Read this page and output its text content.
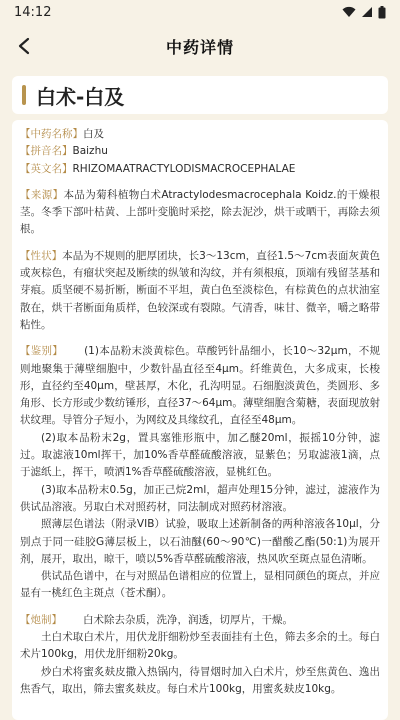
14:12
中药详情
白术-白及

【中药名称】白及

【拼音名】Baizhu

【英文名】RHIZOMAATRACTYLODISMACROCEPHALAE

【来源】本品为菊科植物白术Atractylodesmacrocephala Koidz.的干燥根茎。冬季下部叶枯黄、上部叶变脆时采挖，除去泥沙，烘干或晒干，再除去须根。

【性状】本品为不规则的肥厚团块，长3～13cm，直径1.5～7cm表面灰黄色或灰棕色，有瘤状突起及断续的纵皱和沟纹，并有须根痕，顶端有残留茎基和芽痕。质坚硬不易折断，断面不平坦，黄白色至淡棕色，有棕黄色的点状油室散在，烘干者断面角质样，色较深或有裂隙。气清香，味甘、微辛，嚼之略带粘性。

【鉴别】   (1)本品粉末淡黄棕色。草酸钙针晶细小，长10～32μm，不规则地聚集于薄壁细胞中，少数针晶直径至4μm。纤维黄色，大多成束，长梭形，直径约至40μm，壁甚厚，木化，孔沟明显。石细胞淡黄色，类圆形、多角形、长方形或少数纺锤形，直径37～64μm。薄壁细胞含菊糖，表面现放射状纹理。导管分子短小，为网纹及具缘纹孔，直径至48μm。

(2)取本品粉末2g，置具塞锥形瓶中，加乙醚20ml，振摇10分钟，滤过。取滤液10ml挥干，加10%香草醛硫酸溶液，显紫色；另取滤液1滴，点于滤纸上，挥干，喷洒1%香草醛硫酸溶液，显桃红色。

(3)取本品粉末0.5g，加正己烷2ml，超声处理15分钟，滤过，滤液作为供试品溶液。另取白术对照药材，同法制成对照药材溶液。

照薄层色谱法（附录VIB）试验，吸取上述新制备的两种溶液各10μl，分别点于同一硅胶G薄层板上，以石油醚(60～90℃)一醋酸乙酯(50:1)为展开剂，展开，取出，晾干，喷以5%香草醛硫酸溶液，热风吹至斑点显色清晰。

供试品色谱中，在与对照品色谱相应的位置上，显相同颜色的斑点，并应显有一桃红色主斑点（苍术酮）。

【炮制】   白术除去杂质，洗净，润透，切厚片，干燥。

土白术取白术片，用伏龙肝细粉炒至表面挂有土色，筛去多余的土。每白术片100kg，用伏龙肝细粉20kg。

炒白术将蜜炙麸皮撒入热锅内，待冒烟时加入白术片，炒至焦黄色、逸出焦香气，取出，筛去蜜炙麸皮。每白术片100kg，用蜜炙麸皮10kg。
